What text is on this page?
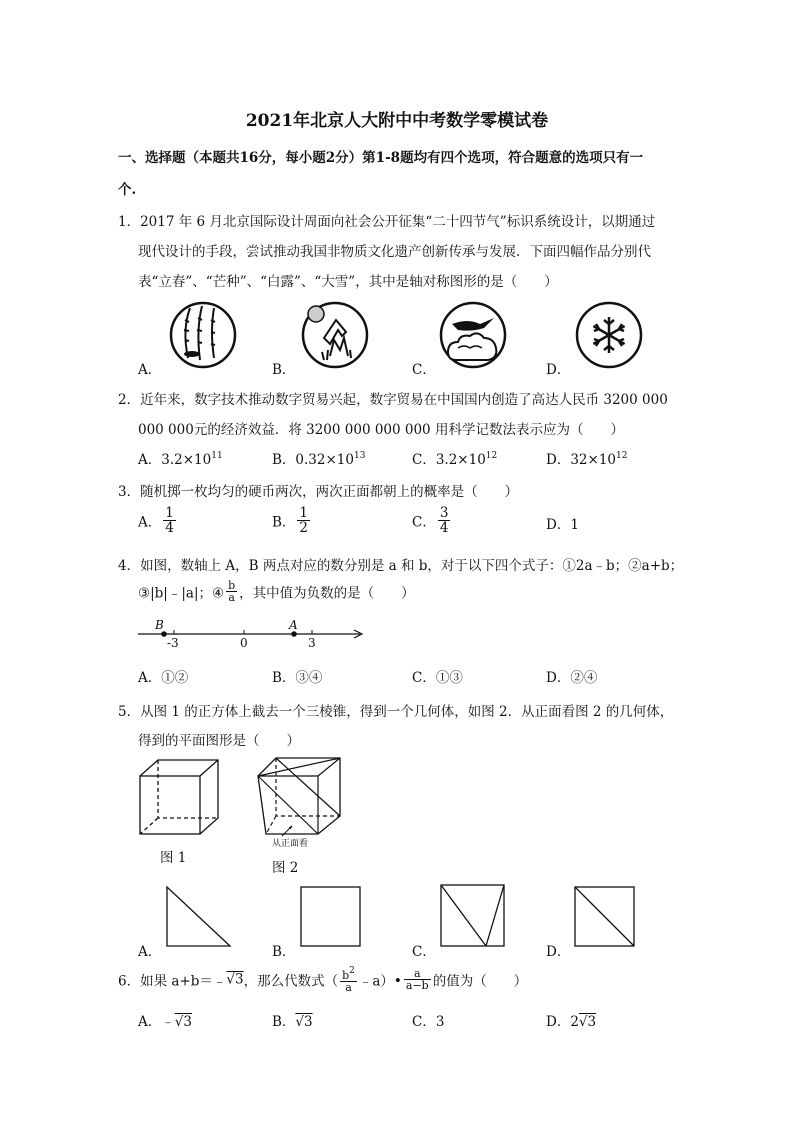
2021年北京人大附中中考数学零模试卷
一、选择题（本题共16分，每小题2分）第1-8题均有四个选项，符合题意的选项只有一
个.
1．2017 年 6 月北京国际设计周面向社会公开征集“二十四节气”标识系统设计，以期通过
现代设计的手段，尝试推动我国非物质文化遗产创新传承与发展．下面四幅作品分别代
表“立春”、“芒种”、“白露”、“大雪”，其中是轴对称图形的是（　　）
A．	B．	C．	D．
2．近年来，数字技术推动数字贸易兴起，数字贸易在中国国内创造了高达人民币 3200 000
000 000元的经济效益．将 3200 000 000 000 用科学记数法表示应为（　　）
A．$3.2\times 10^{11}$	B．$0.32\times 10^{13}$	C．$3.2\times 10^{12}$	D．$32\times 10^{12}$
3．随机掷一枚均匀的硬币两次，两次正面都朝上的概率是（　　）
A． $\frac{1}{4}$	B． $\frac{1}{2}$	C． $\frac{3}{4}$	D．1
4．如图，数轴上 A，B 两点对应的数分别是 a 和 b，对于以下四个式子：①2a﹣b；②a+b；
③|b|﹣|a|；④ $\frac{b}{a}$ ，其中值为负数的是（　　）
B	A
-3	0	3
A．①②	B．③④	C．①③	D．②④
5．从图 1 的正方体上截去一个三棱锥，得到一个几何体，如图 2．从正面看图 2 的几何体，
得到的平面图形是（　　）
图 1
从正面看
图 2
A．	B．	C．	D．
6．如果 a+b＝﹣√3，那么代数式（ $\frac{b^2}{a}$ ﹣a）• $\frac{a}{a-b}$ 的值为（　　）
A．﹣√3	B．√3	C．3	D．2√3
